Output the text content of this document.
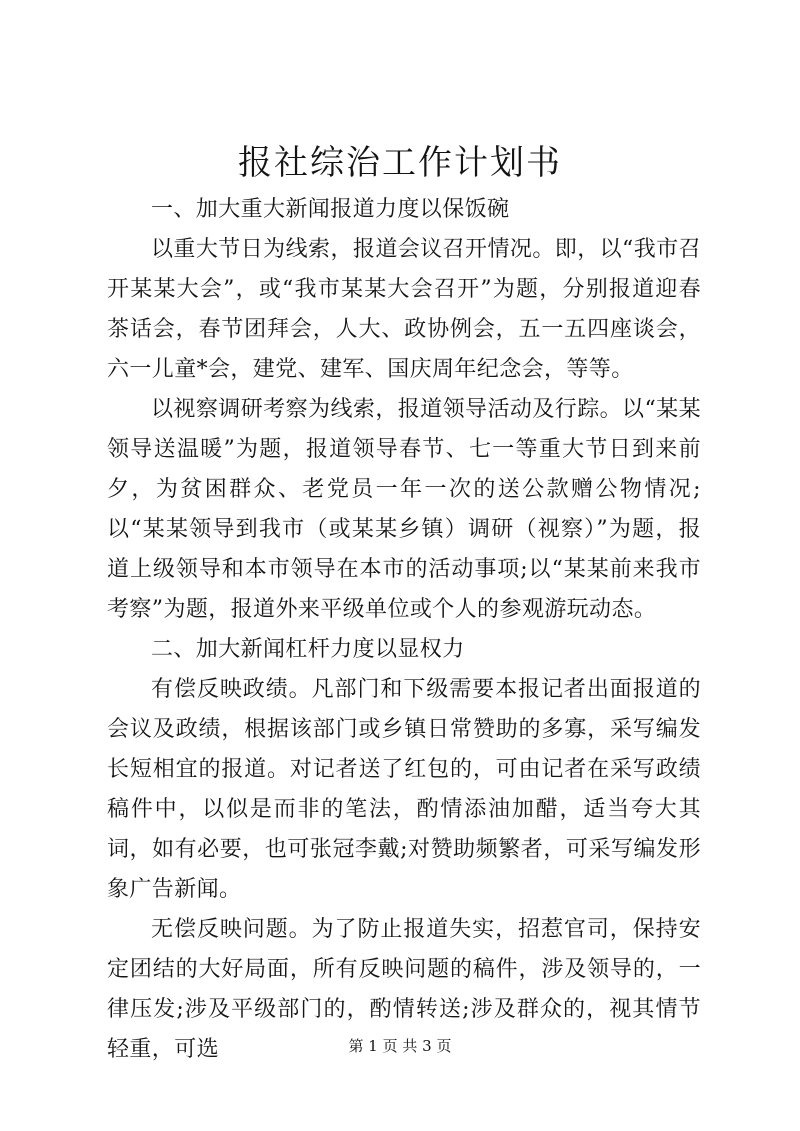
报社综治工作计划书

一、加大重大新闻报道力度以保饭碗

以重大节日为线索，报道会议召开情况。即，以“我市召开某某大会”，或“我市某某大会召开”为题，分别报道迎春茶话会，春节团拜会，人大、政协例会，五一五四座谈会，六一儿童*会，建党、建军、国庆周年纪念会，等等。

以视察调研考察为线索，报道领导活动及行踪。以“某某领导送温暖”为题，报道领导春节、七一等重大节日到来前夕，为贫困群众、老党员一年一次的送公款赠公物情况;以“某某领导到我市（或某某乡镇）调研（视察）”为题，报道上级领导和本市领导在本市的活动事项;以“某某前来我市考察”为题，报道外来平级单位或个人的参观游玩动态。

二、加大新闻杠杆力度以显权力

有偿反映政绩。凡部门和下级需要本报记者出面报道的会议及政绩，根据该部门或乡镇日常赞助的多寡，采写编发长短相宜的报道。对记者送了红包的，可由记者在采写政绩稿件中，以似是而非的笔法，酌情添油加醋，适当夸大其词，如有必要，也可张冠李戴;对赞助频繁者，可采写编发形象广告新闻。

无偿反映问题。为了防止报道失实，招惹官司，保持安定团结的大好局面，所有反映问题的稿件，涉及领导的，一律压发;涉及平级部门的，酌情转送;涉及群众的，视其情节轻重，可选	第 1 页 共 3 页
